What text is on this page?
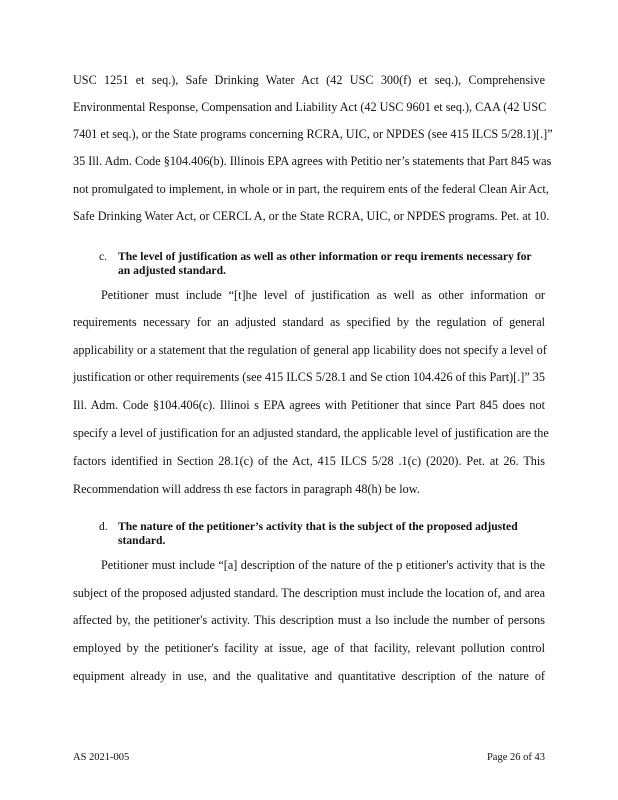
USC 1251 et seq.), Safe Drinking Water Act (42 USC 300(f) et seq.), Comprehensive
Environmental Response, Compensation and Liability Act (42 USC 9601 et seq.), CAA (42 USC
7401 et seq.), or the State programs concerning RCRA, UIC, or NPDES (see 415 ILCS 5/28.1)[.]”
35 Ill. Adm. Code §104.406(b). Illinois EPA agrees with Petitio ner’s statements that Part 845 was
not promulgated to implement, in whole or in part, the requirem ents of the federal Clean Air Act,
Safe Drinking Water Act, or CERCL A, or the State RCRA, UIC, or NPDES programs. Pet. at 10.
c. The level of justification as well as other information or requ irements necessary for
an adjusted standard.
Petitioner must include “[t]he level of justification as well as other information or
requirements necessary for an adjusted standard as specified by the regulation of general
applicability or a statement that the regulation of general app licability does not specify a level of
justification or other requirements (see 415 ILCS 5/28.1 and Se ction 104.426 of this Part)[.]” 35
Ill. Adm. Code §104.406(c). Illinoi s EPA agrees with Petitioner that since Part 845 does not
specify a level of justification for an adjusted standard, the applicable level of justification are the
factors identified in Section 28.1(c) of the Act, 415 ILCS 5/28 .1(c) (2020). Pet. at 26. This
Recommendation will address th ese factors in paragraph 48(h) be low.
d. The nature of the petitioner’s activity that is the subject of the proposed adjusted
standard.
Petitioner must include “[a] description of the nature of the p etitioner's activity that is the
subject of the proposed adjusted standard. The description must include the location of, and area
affected by, the petitioner's activity. This description must a lso include the number of persons
employed by the petitioner's facility at issue, age of that facility, relevant pollution control
equipment already in use, and the qualitative and quantitative description of the nature of
AS 2021-005	Page 26 of 43
